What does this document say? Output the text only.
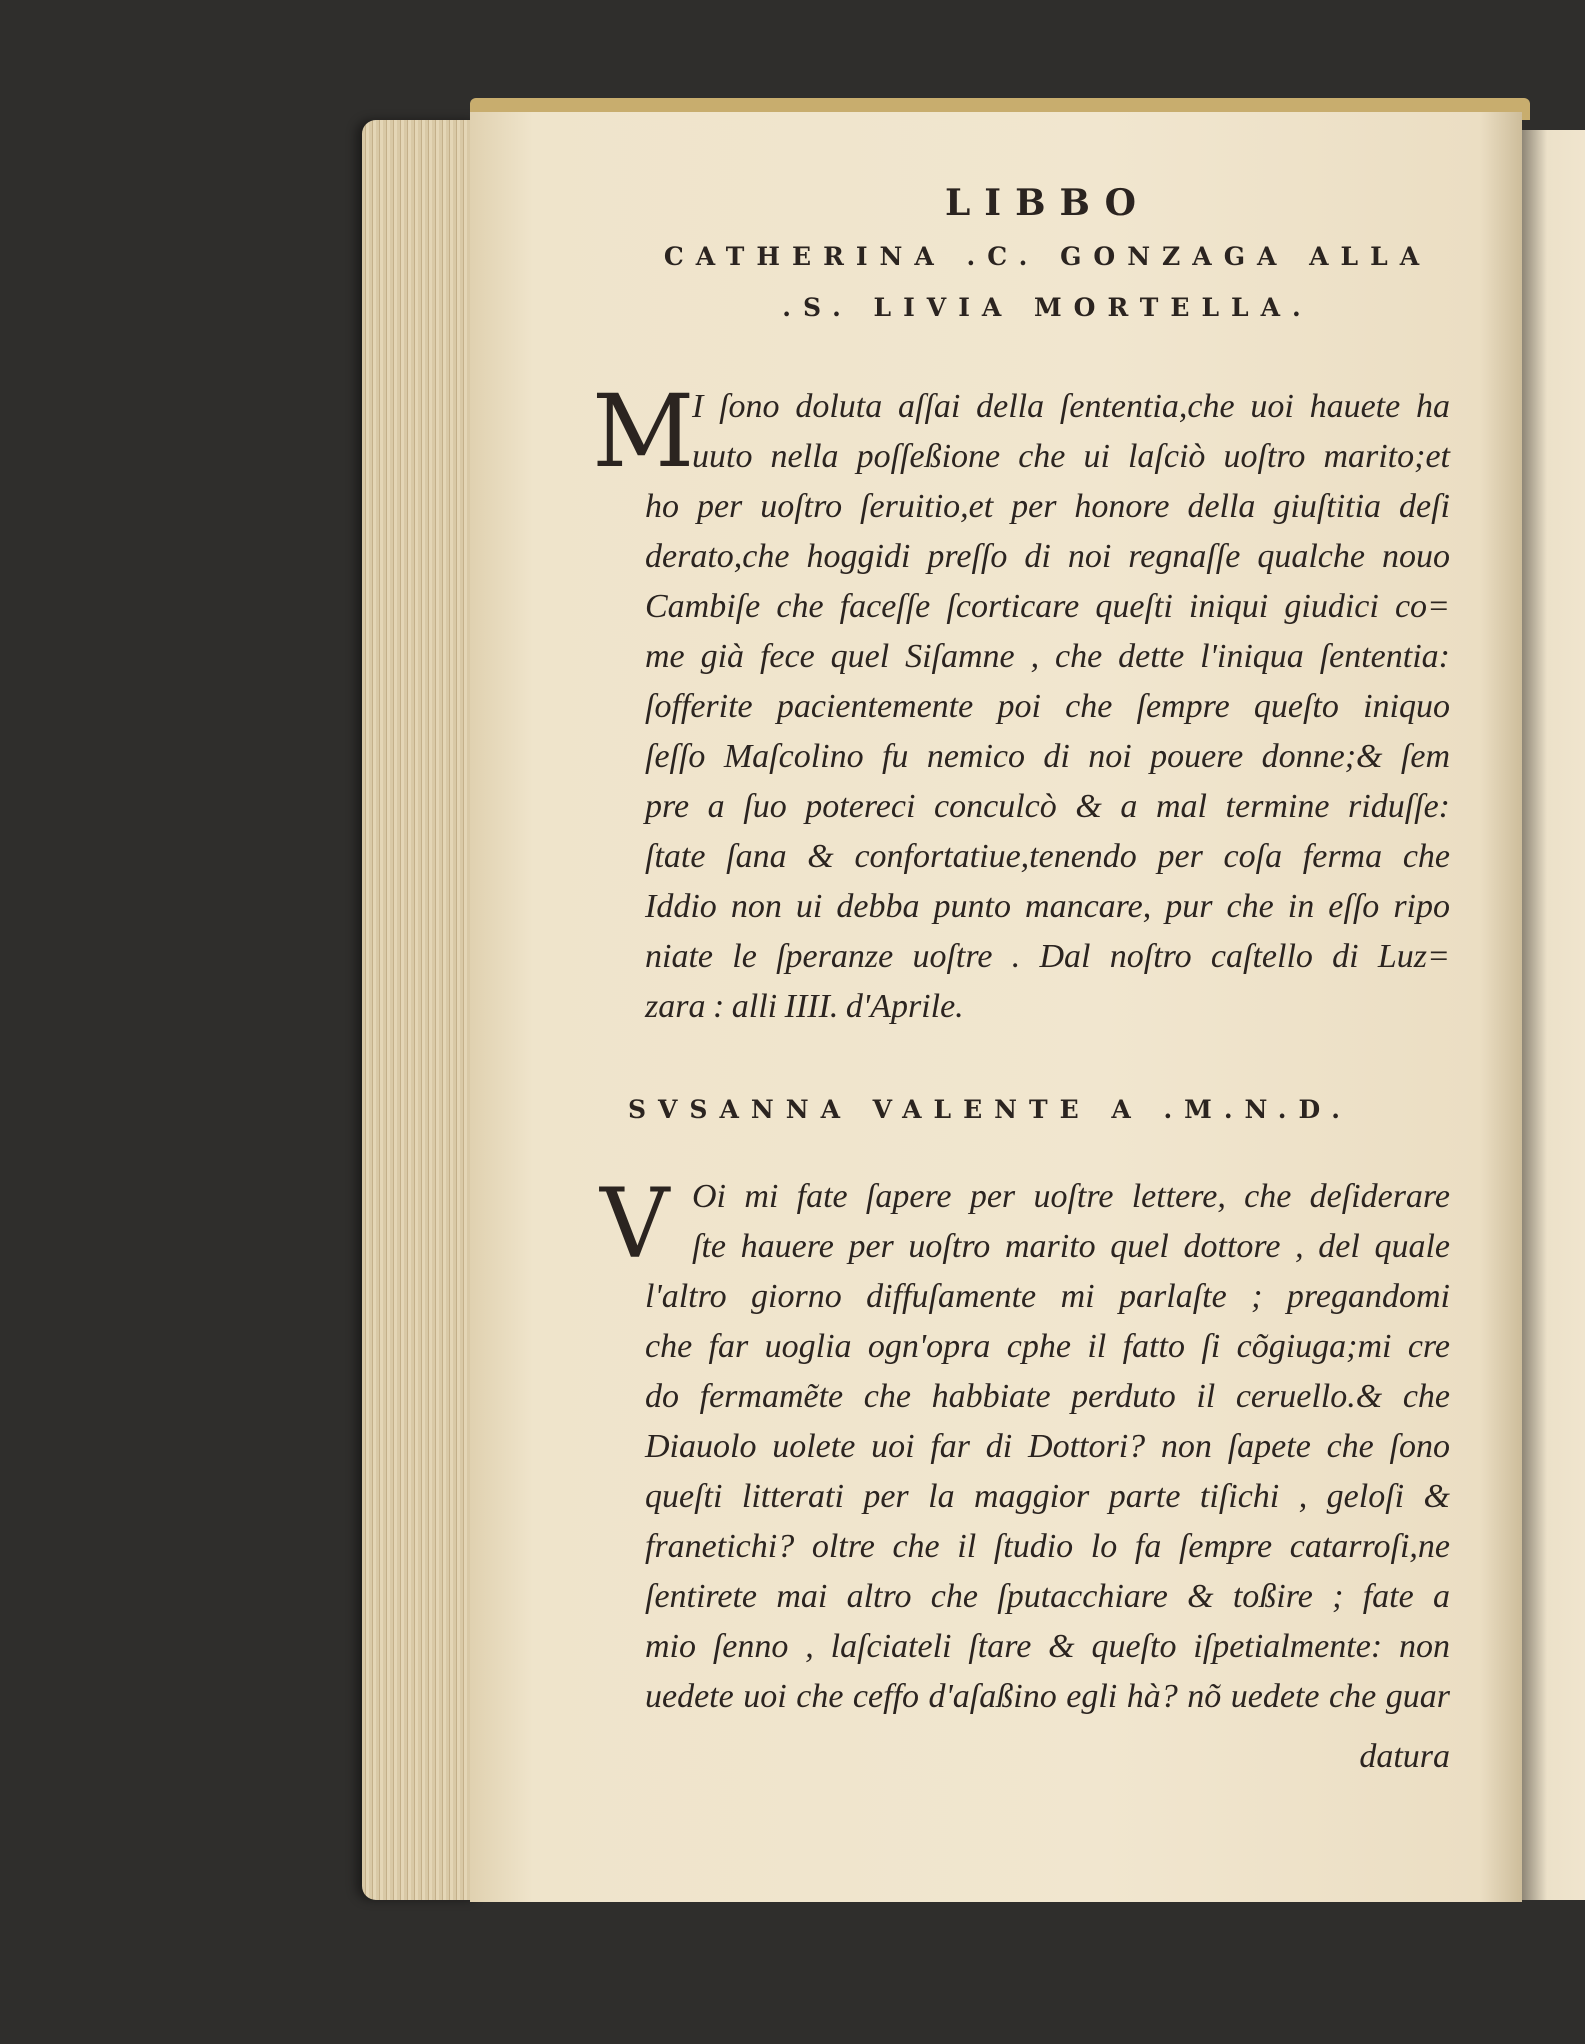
LIBBO
CATHERINA .C. GONZAGA ALLA
.S. LIVIA MORTELLA.
M
I ſono doluta aſſai della ſententia,che uoi hauete ha
uuto nella poſſeßione che ui laſciò uoſtro marito;et
ho per uoſtro ſeruitio,et per honore della giuſtitia deſi
derato,che hoggidi preſſo di noi regnaſſe qualche nouo
Cambiſe che faceſſe ſcorticare queſti iniqui giudici co=
me già fece quel Siſamne , che dette l'iniqua ſententia:
ſofferite pacientemente poi che ſempre queſto iniquo
ſeſſo Maſcolino fu nemico di noi pouere donne;& ſem
pre a ſuo potereci conculcò & a mal termine riduſſe:
ſtate ſana & confortatiue,tenendo per coſa ferma che
Iddio non ui debba punto mancare, pur che in eſſo ripo
niate le ſperanze uoſtre . Dal noſtro caſtello di Luz=
zara : alli IIII. d'Aprile.
SVSANNA VALENTE A .M.N.D.
V Oi mi fate ſapere per uoſtre lettere, che deſiderare
ſte hauere per uoſtro marito quel dottore , del quale
l'altro giorno diffuſamente mi parlaſte ; pregandomi
che far uoglia ogn'opra cphe il fatto ſi cõgiuga;mi cre
do fermamẽte che habbiate perduto il ceruello.& che
Diauolo uolete uoi far di Dottori? non ſapete che ſono
queſti litterati per la maggior parte tiſichi , geloſi &
franetichi? oltre che il ſtudio lo fa ſempre catarroſi,ne
ſentirete mai altro che ſputacchiare & toßire ; fate a
mio ſenno , laſciateli ſtare & queſto iſpetialmente: non
uedete uoi che ceffo d'aſaßino egli hà? nõ uedete che guar
datura
